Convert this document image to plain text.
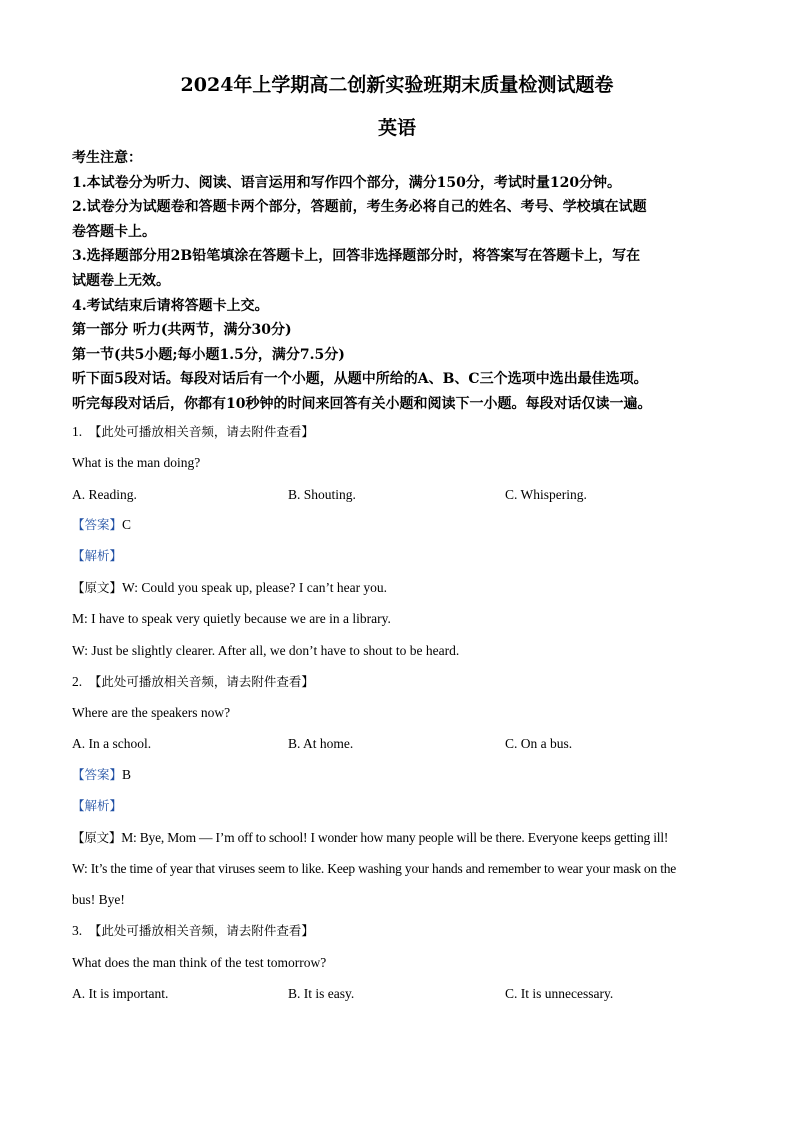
2024年上学期高二创新实验班期末质量检测试题卷
英语

考生注意：

1.本试卷分为听力、阅读、语言运用和写作四个部分，满分150分，考试时量120分钟。

2.试卷分为试题卷和答题卡两个部分，答题前，考生务必将自己的姓名、考号、学校填在试题

卷答题卡上。

3.选择题部分用2B铅笔填涂在答题卡上，回答非选择题部分时，将答案写在答题卡上，写在

试题卷上无效。

4.考试结束后请将答题卡上交。

第一部分 听力(共两节，满分30分)

第一节(共5小题;每小题1.5分，满分7.5分)

听下面5段对话。每段对话后有一个小题，从题中所给的A、B、C三个选项中选出最佳选项。

听完每段对话后，你都有10秒钟的时间来回答有关小题和阅读下一小题。每段对话仅读一遍。

1. 【此处可播放相关音频，请去附件查看】
What is the man doing?
A. Reading.	B. Shouting.	C. Whispering.
【答案】C
【解析】
【原文】W: Could you speak up, please? I can’t hear you.
M: I have to speak very quietly because we are in a library.
W: Just be slightly clearer. After all, we don’t have to shout to be heard.
2. 【此处可播放相关音频，请去附件查看】
Where are the speakers now?
A. In a school.	B. At home.	C. On a bus.
【答案】B
【解析】
【原文】M: Bye, Mom — I’m off to school! I wonder how many people will be there. Everyone keeps getting ill!
W: It’s the time of year that viruses seem to like. Keep washing your hands and remember to wear your mask on the
bus! Bye!
3. 【此处可播放相关音频，请去附件查看】
What does the man think of the test tomorrow?
A. It is important.	B. It is easy.	C. It is unnecessary.
